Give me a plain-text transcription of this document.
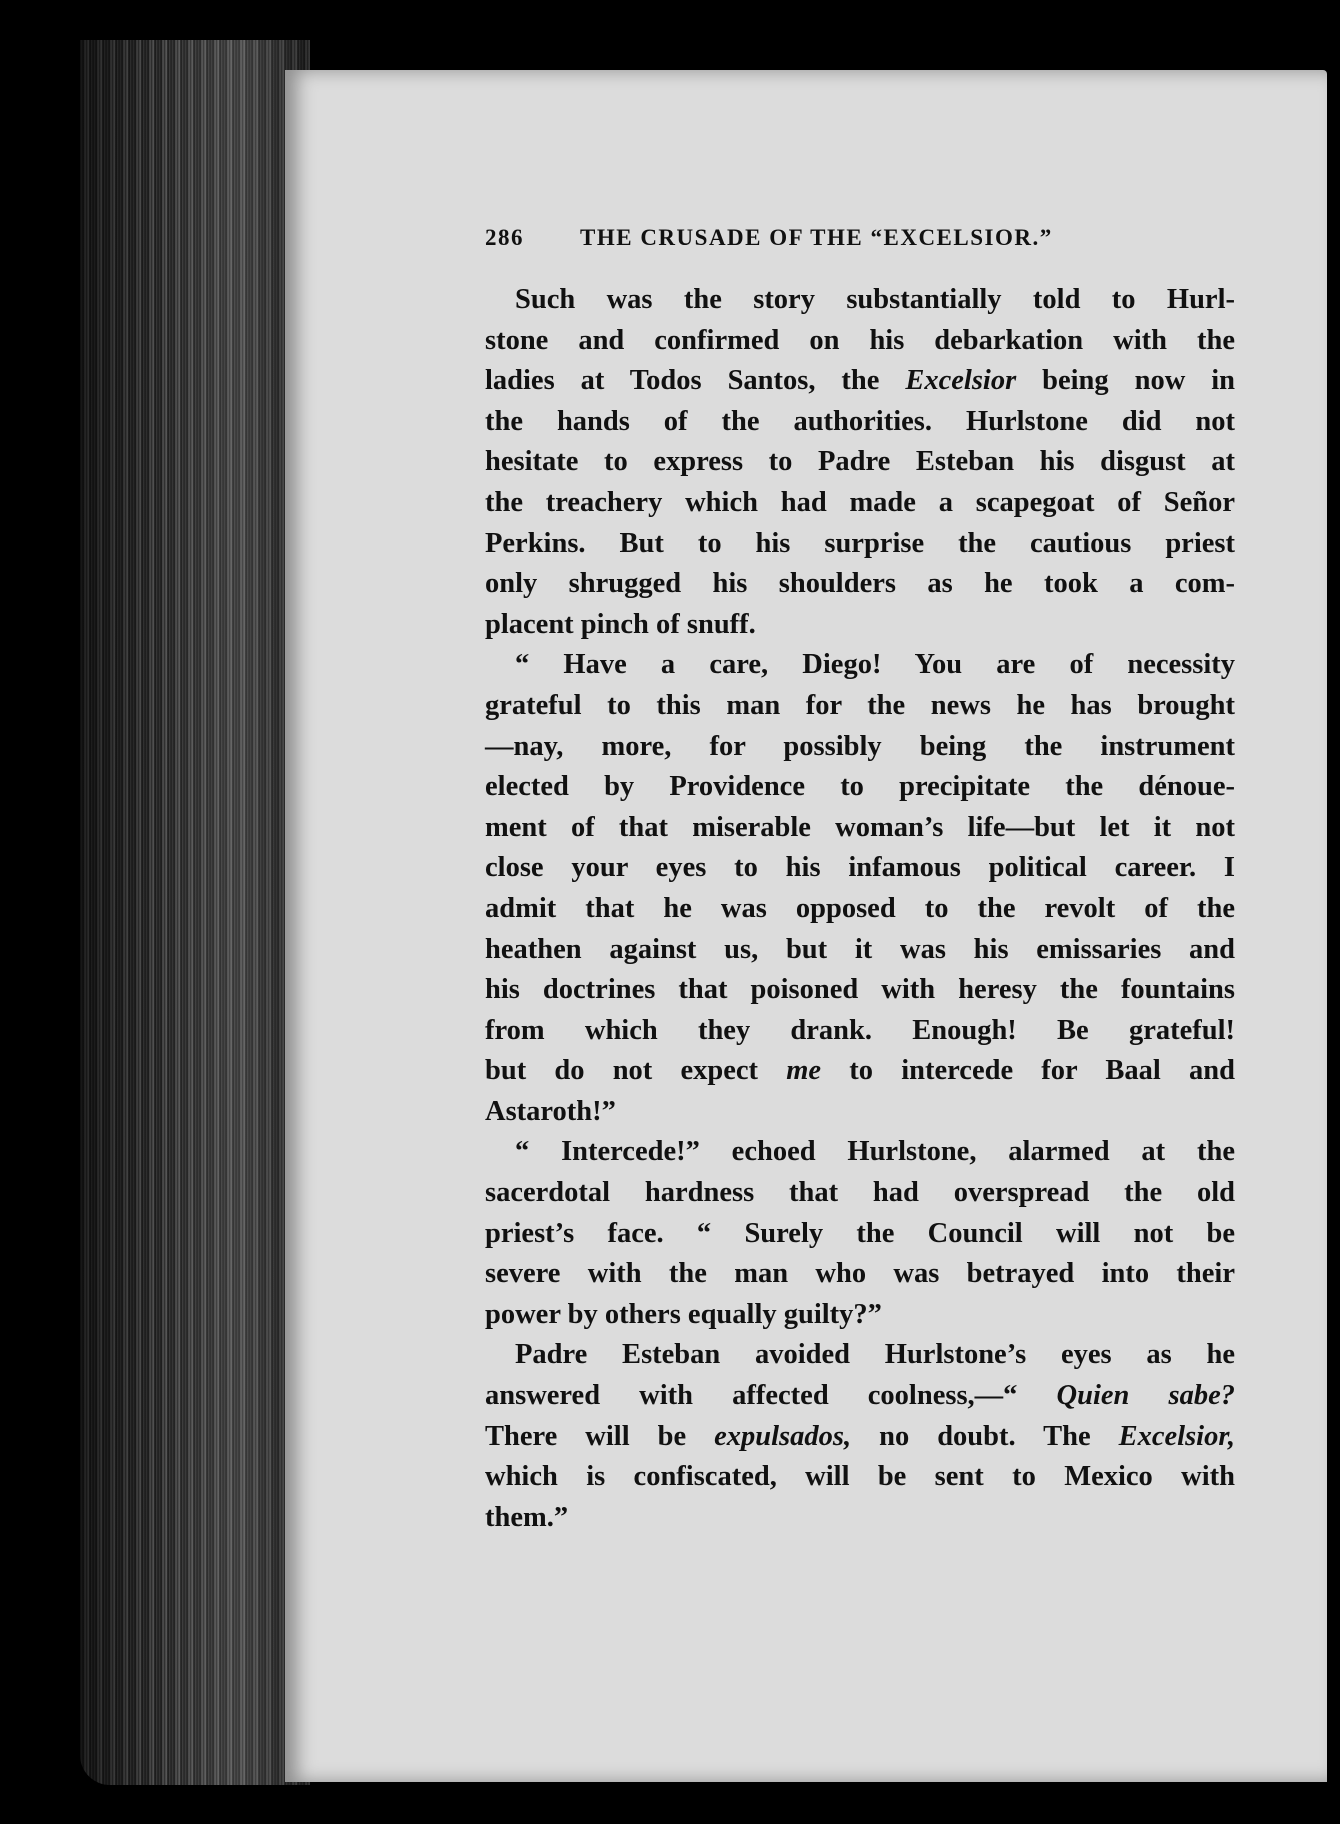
286 THE CRUSADE OF THE “EXCELSIOR.”

Such was the story substantially told to Hurl-
stone and confirmed on his debarkation with the
ladies at Todos Santos, the Excelsior being now in
the hands of the authorities. Hurlstone did not
hesitate to express to Padre Esteban his disgust at
the treachery which had made a scapegoat of Señor
Perkins. But to his surprise the cautious priest
only shrugged his shoulders as he took a com-
placent pinch of snuff.

“ Have a care, Diego! You are of necessity
grateful to this man for the news he has brought
—nay, more, for possibly being the instrument
elected by Providence to precipitate the dénoue-
ment of that miserable woman’s life—but let it not
close your eyes to his infamous political career. I
admit that he was opposed to the revolt of the
heathen against us, but it was his emissaries and
his doctrines that poisoned with heresy the fountains
from which they drank. Enough! Be grateful!
but do not expect me to intercede for Baal and
Astaroth!”

“ Intercede!” echoed Hurlstone, alarmed at the
sacerdotal hardness that had overspread the old
priest’s face. “ Surely the Council will not be
severe with the man who was betrayed into their
power by others equally guilty?”

Padre Esteban avoided Hurlstone’s eyes as he
answered with affected coolness,—“ Quien sabe?
There will be expulsados, no doubt. The Excelsior,
which is confiscated, will be sent to Mexico with
them.”
